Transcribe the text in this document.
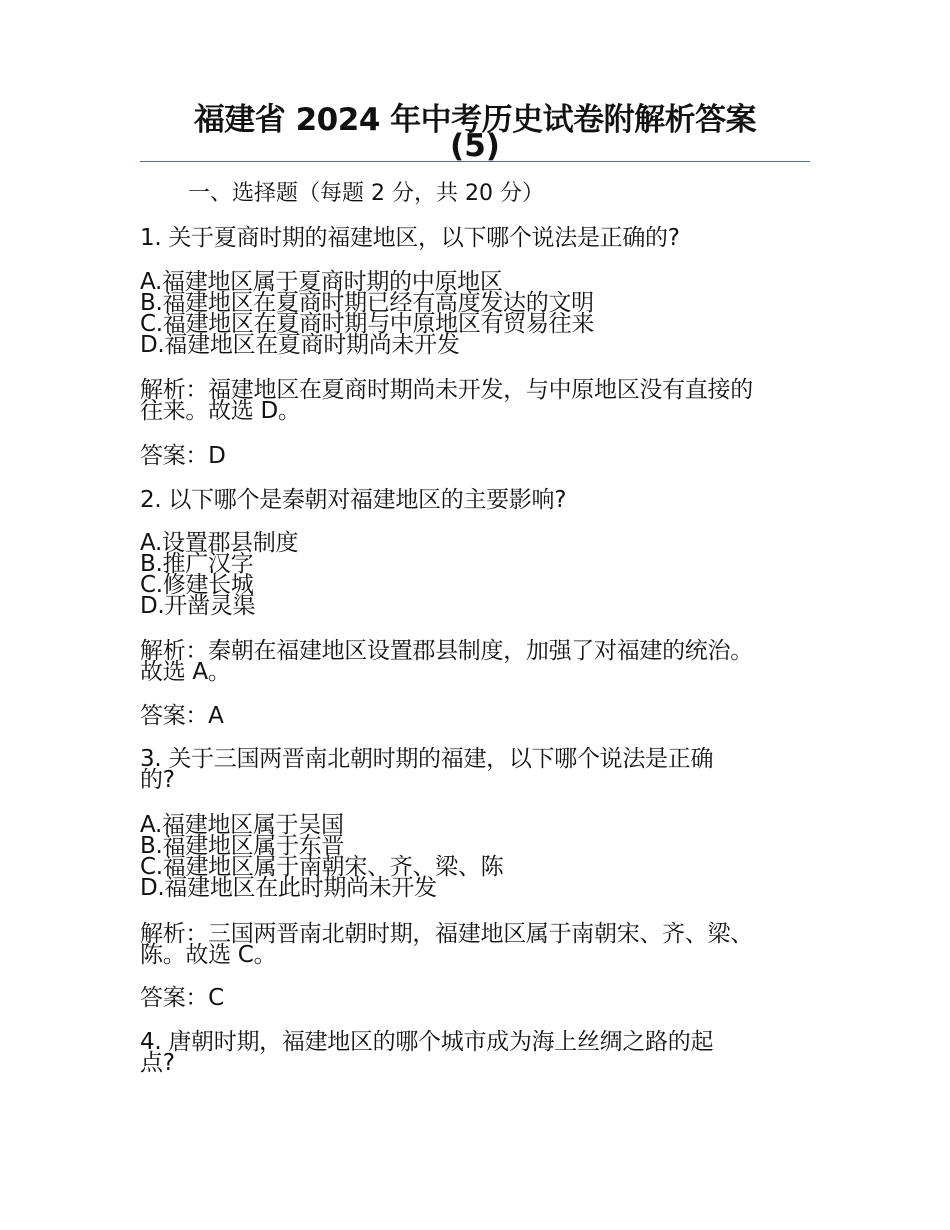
福建省 2024 年中考历史试卷附解析答案
(5)
一、选择题（每题 2 分，共 20 分）
1. 关于夏商时期的福建地区，以下哪个说法是正确的?
A.福建地区属于夏商时期的中原地区
B.福建地区在夏商时期已经有高度发达的文明
C.福建地区在夏商时期与中原地区有贸易往来
D.福建地区在夏商时期尚未开发
解析：福建地区在夏商时期尚未开发，与中原地区没有直接的
往来。故选 D。
答案：D
2. 以下哪个是秦朝对福建地区的主要影响?
A.设置郡县制度
B.推广汉字
C.修建长城
D.开凿灵渠
解析：秦朝在福建地区设置郡县制度，加强了对福建的统治。
故选 A。
答案：A
3. 关于三国两晋南北朝时期的福建，以下哪个说法是正确
的?
A.福建地区属于吴国
B.福建地区属于东晋
C.福建地区属于南朝宋、齐、梁、陈
D.福建地区在此时期尚未开发
解析：三国两晋南北朝时期，福建地区属于南朝宋、齐、梁、
陈。故选 C。
答案：C
4. 唐朝时期，福建地区的哪个城市成为海上丝绸之路的起
点?
